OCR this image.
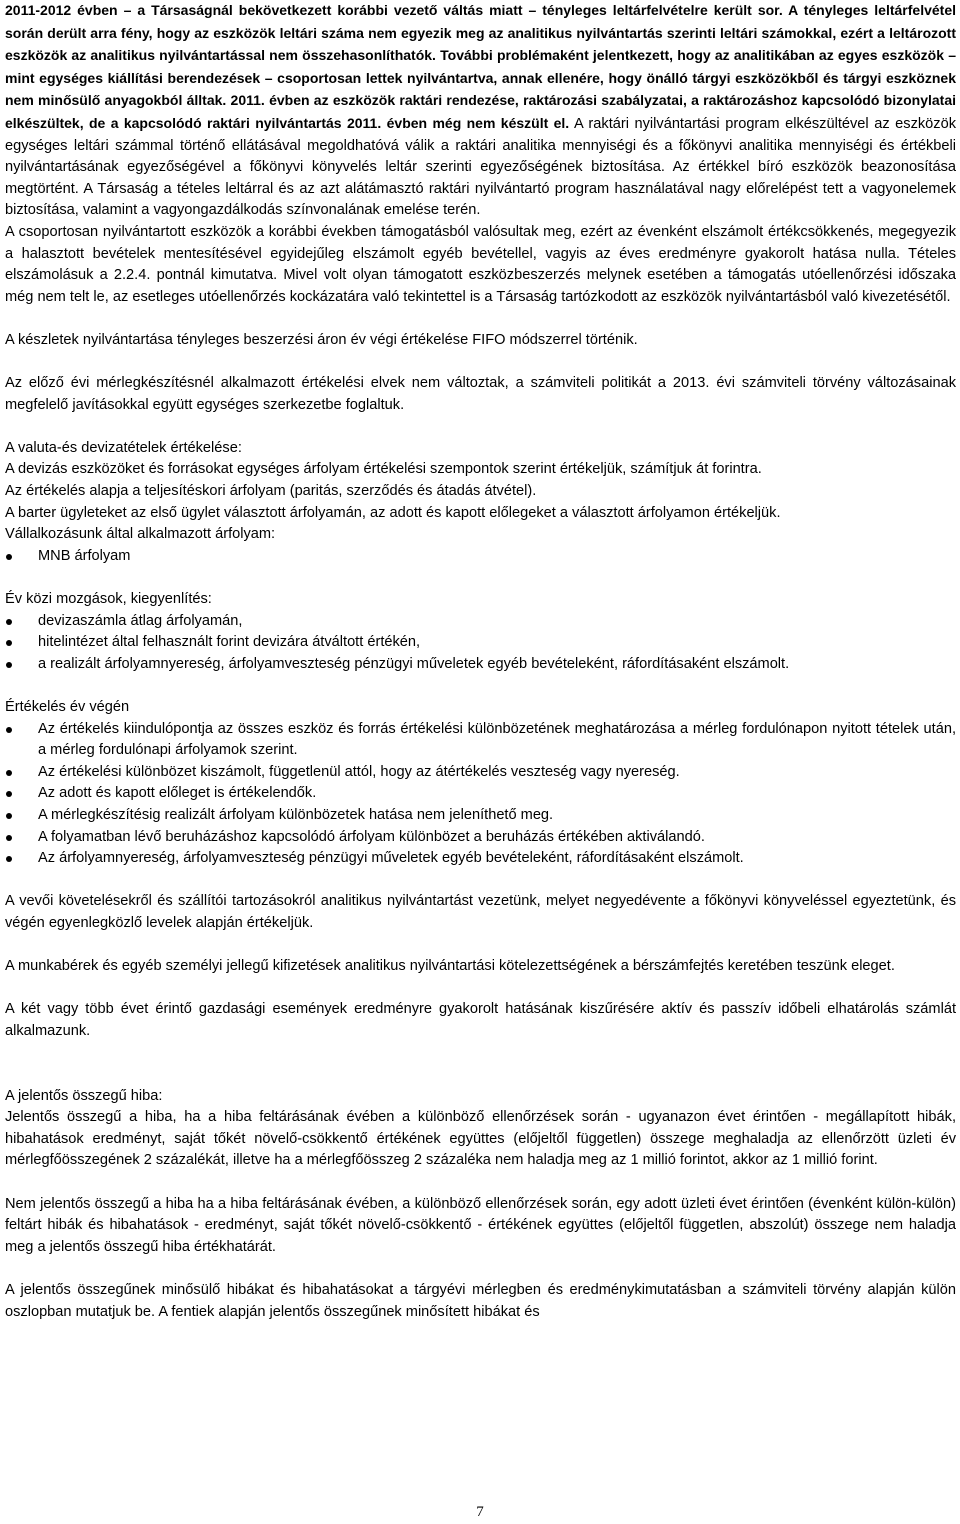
2011-2012 évben – a Társaságnál bekövetkezett korábbi vezető váltás miatt – tényleges leltárfelvételre került sor. A tényleges leltárfelvétel során derült arra fény, hogy az eszközök leltári száma nem egyezik meg az analitikus nyilvántartás szerinti leltári számokkal, ezért a leltározott eszközök az analitikus nyilvántartással nem összehasonlíthatók. További problémaként jelentkezett, hogy az analitikában az egyes eszközök – mint egységes kiállítási berendezések – csoportosan lettek nyilvántartva, annak ellenére, hogy önálló tárgyi eszközökből és tárgyi eszköznek nem minősülő anyagokból álltak. 2011. évben az eszközök raktári rendezése, raktározási szabályzatai, a raktározáshoz kapcsolódó bizonylatai elkészültek, de a kapcsolódó raktári nyilvántartás 2011. évben még nem készült el. A raktári nyilvántartási program elkészültével az eszközök egységes leltári számmal történő ellátásával megoldhatóvá válik a raktári analitika mennyiségi és a főkönyvi analitika mennyiségi és értékbeli nyilvántartásának egyezőségével a főkönyvi könyvelés leltár szerinti egyezőségének biztosítása. Az értékkel bíró eszközök beazonosítása megtörtént. A Társaság a tételes leltárral és az azt alátámasztó raktári nyilvántartó program használatával nagy előrelépést tett a vagyonelemek biztosítása, valamint a vagyongazdálkodás színvonalának emelése terén.

A csoportosan nyilvántartott eszközök a korábbi években támogatásból valósultak meg, ezért az évenként elszámolt értékcsökkenés, megegyezik a halasztott bevételek mentesítésével egyidejűleg elszámolt egyéb bevétellel, vagyis az éves eredményre gyakorolt hatása nulla. Tételes elszámolásuk a 2.2.4. pontnál kimutatva. Mivel volt olyan támogatott eszközbeszerzés melynek esetében a támogatás utóellenőrzési időszaka még nem telt le, az esetleges utóellenőrzés kockázatára való tekintettel is a Társaság tartózkodott az eszközök nyilvántartásból való kivezetésétől.

A készletek nyilvántartása tényleges beszerzési áron év végi értékelése FIFO módszerrel történik.

Az előző évi mérlegkészítésnél alkalmazott értékelési elvek nem változtak, a számviteli politikát a 2013. évi számviteli törvény változásainak megfelelő javításokkal együtt egységes szerkezetbe foglaltuk.

A valuta-és devizatételek értékelése:

A devizás eszközöket és forrásokat egységes árfolyam értékelési szempontok szerint értékeljük, számítjuk át forintra.

Az értékelés alapja a teljesítéskori árfolyam (paritás, szerződés és átadás átvétel).

A barter ügyleteket az első ügylet választott árfolyamán, az adott és kapott előlegeket a választott árfolyamon értékeljük.

Vállalkozásunk által alkalmazott árfolyam:

MNB árfolyam

Év közi mozgások, kiegyenlítés:

devizaszámla átlag árfolyamán,
hitelintézet által felhasznált forint devizára átváltott értékén,
a realizált árfolyamnyereség, árfolyamveszteség pénzügyi műveletek egyéb bevételeként, ráfordításaként elszámolt.

Értékelés év végén

Az értékelés kiindulópontja az összes eszköz és forrás értékelési különbözetének meghatározása a mérleg fordulónapon nyitott tételek után, a mérleg fordulónapi árfolyamok szerint.
Az értékelési különbözet kiszámolt, függetlenül attól, hogy az átértékelés veszteség vagy nyereség.
Az adott és kapott előleget is értékelendők.
A mérlegkészítésig realizált árfolyam különbözetek hatása nem jeleníthető meg.
A folyamatban lévő beruházáshoz kapcsolódó árfolyam különbözet a beruházás értékében aktiválandó.
Az árfolyamnyereség, árfolyamveszteség pénzügyi műveletek egyéb bevételeként, ráfordításaként elszámolt.

A vevői követelésekről és szállítói tartozásokról analitikus nyilvántartást vezetünk, melyet negyedévente a főkönyvi könyveléssel egyeztetünk, és végén egyenlegközlő levelek alapján értékeljük.

A munkabérek és egyéb személyi jellegű kifizetések analitikus nyilvántartási kötelezettségének a bérszámfejtés keretében teszünk eleget.

A két vagy több évet érintő gazdasági események eredményre gyakorolt hatásának kiszűrésére aktív és passzív időbeli elhatárolás számlát alkalmazunk.

A jelentős összegű hiba:

Jelentős összegű a hiba, ha a hiba feltárásának évében a különböző ellenőrzések során - ugyanazon évet érintően - megállapított hibák, hibahatások eredményt, saját tőkét növelő-csökkentő értékének együttes (előjeltől független) összege meghaladja az ellenőrzött üzleti év mérlegfőösszegének 2 százalékát, illetve ha a mérlegfőösszeg 2 százaléka nem haladja meg az 1 millió forintot, akkor az 1 millió forint.

Nem jelentős összegű a hiba ha a hiba feltárásának évében, a különböző ellenőrzések során, egy adott üzleti évet érintően (évenként külön-külön) feltárt hibák és hibahatások - eredményt, saját tőkét növelő-csökkentő - értékének együttes (előjeltől független, abszolút) összege nem haladja meg a jelentős összegű hiba értékhatárát.

A jelentős összegűnek minősülő hibákat és hibahatásokat a tárgyévi mérlegben és eredménykimutatásban a számviteli törvény alapján külön oszlopban mutatjuk be. A fentiek alapján jelentős összegűnek minősített hibákat és

7
